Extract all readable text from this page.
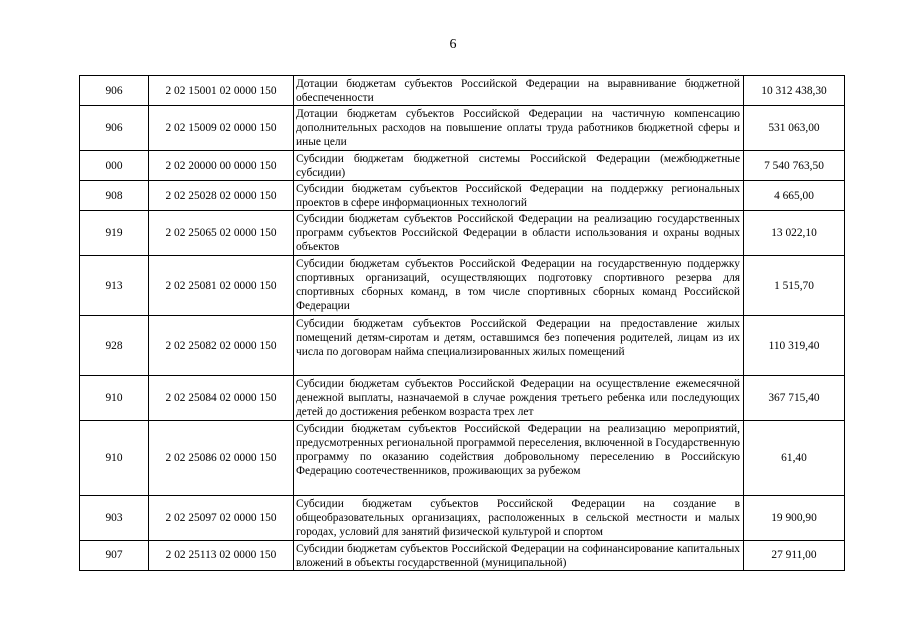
6
906	2 02 15001 02 0000 150	Дотации бюджетам субъектов Российской Федерации на выравнивание бюджетной обеспеченности	10 312 438,30
906	2 02 15009 02 0000 150	Дотации бюджетам субъектов Российской Федерации на частичную компенсацию дополнительных расходов на повышение оплаты труда работников бюджетной сферы и иные цели	531 063,00
000	2 02 20000 00 0000 150	Субсидии бюджетам бюджетной системы Российской Федерации (межбюджетные субсидии)	7 540 763,50
908	2 02 25028 02 0000 150	Субсидии бюджетам субъектов Российской Федерации на поддержку региональных проектов в сфере информационных технологий	4 665,00
919	2 02 25065 02 0000 150	Субсидии бюджетам субъектов Российской Федерации на реализацию государственных программ субъектов Российской Федерации в области использования и охраны водных объектов	13 022,10
913	2 02 25081 02 0000 150	Субсидии бюджетам субъектов Российской Федерации на государственную поддержку спортивных организаций, осуществляющих подготовку спортивного резерва для спортивных сборных команд, в том числе спортивных сборных команд Российской Федерации	1 515,70
928	2 02 25082 02 0000 150	Субсидии бюджетам субъектов Российской Федерации на предоставление жилых помещений детям-сиротам и детям, оставшимся без попечения родителей, лицам из их числа по договорам найма специализированных жилых помещений	110 319,40
910	2 02 25084 02 0000 150	Субсидии бюджетам субъектов Российской Федерации на осуществление ежемесячной денежной выплаты, назначаемой в случае рождения третьего ребенка или последующих детей до достижения ребенком возраста трех лет	367 715,40
910	2 02 25086 02 0000 150	Субсидии бюджетам субъектов Российской Федерации на реализацию мероприятий, предусмотренных региональной программой переселения, включенной в Государственную программу по оказанию содействия добровольному переселению в Российскую Федерацию соотечественников, проживающих за рубежом	61,40
903	2 02 25097 02 0000 150	Субсидии бюджетам субъектов Российской Федерации на создание в общеобразовательных организациях, расположенных в сельской местности и малых городах, условий для занятий физической культурой и спортом	19 900,90
907	2 02 25113 02 0000 150	Субсидии бюджетам субъектов Российской Федерации на софинансирование капитальных вложений в объекты государственной (муниципальной)	27 911,00
